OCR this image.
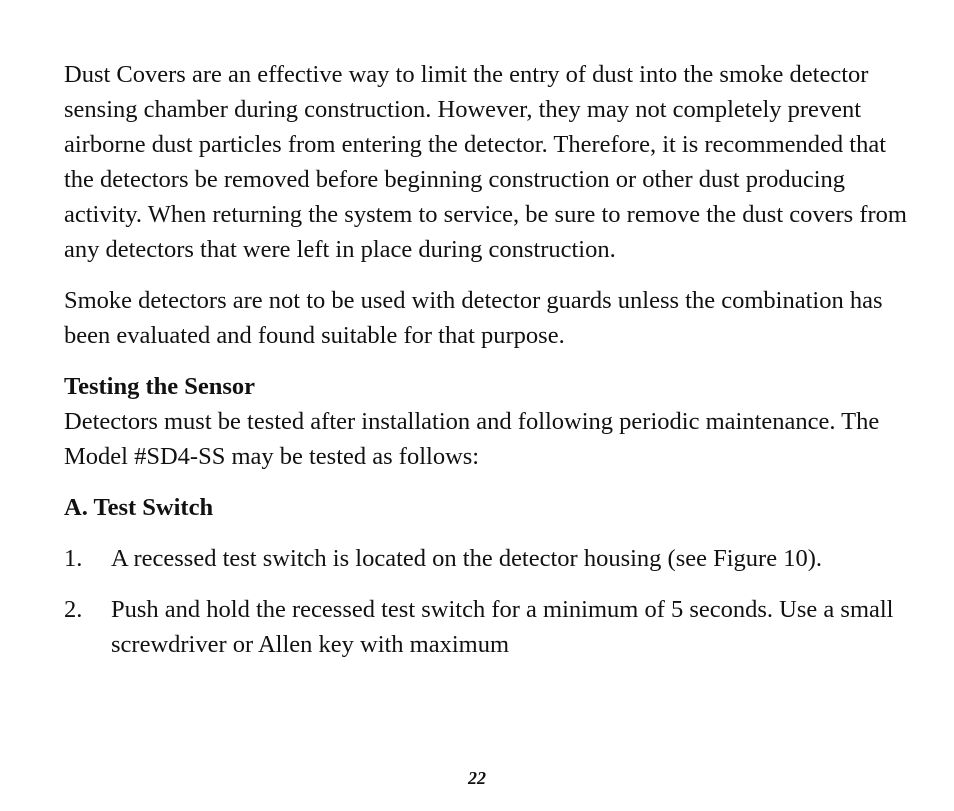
Dust Covers are an effective way to limit the entry of dust into the smoke detector sensing chamber during construction. However, they may not completely prevent airborne dust particles from entering the detector. Therefore, it is recommended that the detectors be removed before beginning construction or other dust producing activity. When returning the system to service, be sure to remove the dust covers from any detectors that were left in place during construction.

Smoke detectors are not to be used with detector guards unless the combination has been evaluated and found suitable for that purpose.

Testing the Sensor

Detectors must be tested after installation and following periodic maintenance. The Model #SD4-SS may be tested as follows:

A. Test Switch

1.	A recessed test switch is located on the detector housing (see Figure 10).
2.	Push and hold the recessed test switch for a minimum of 5 seconds. Use a small screwdriver or Allen key with maximum
22
